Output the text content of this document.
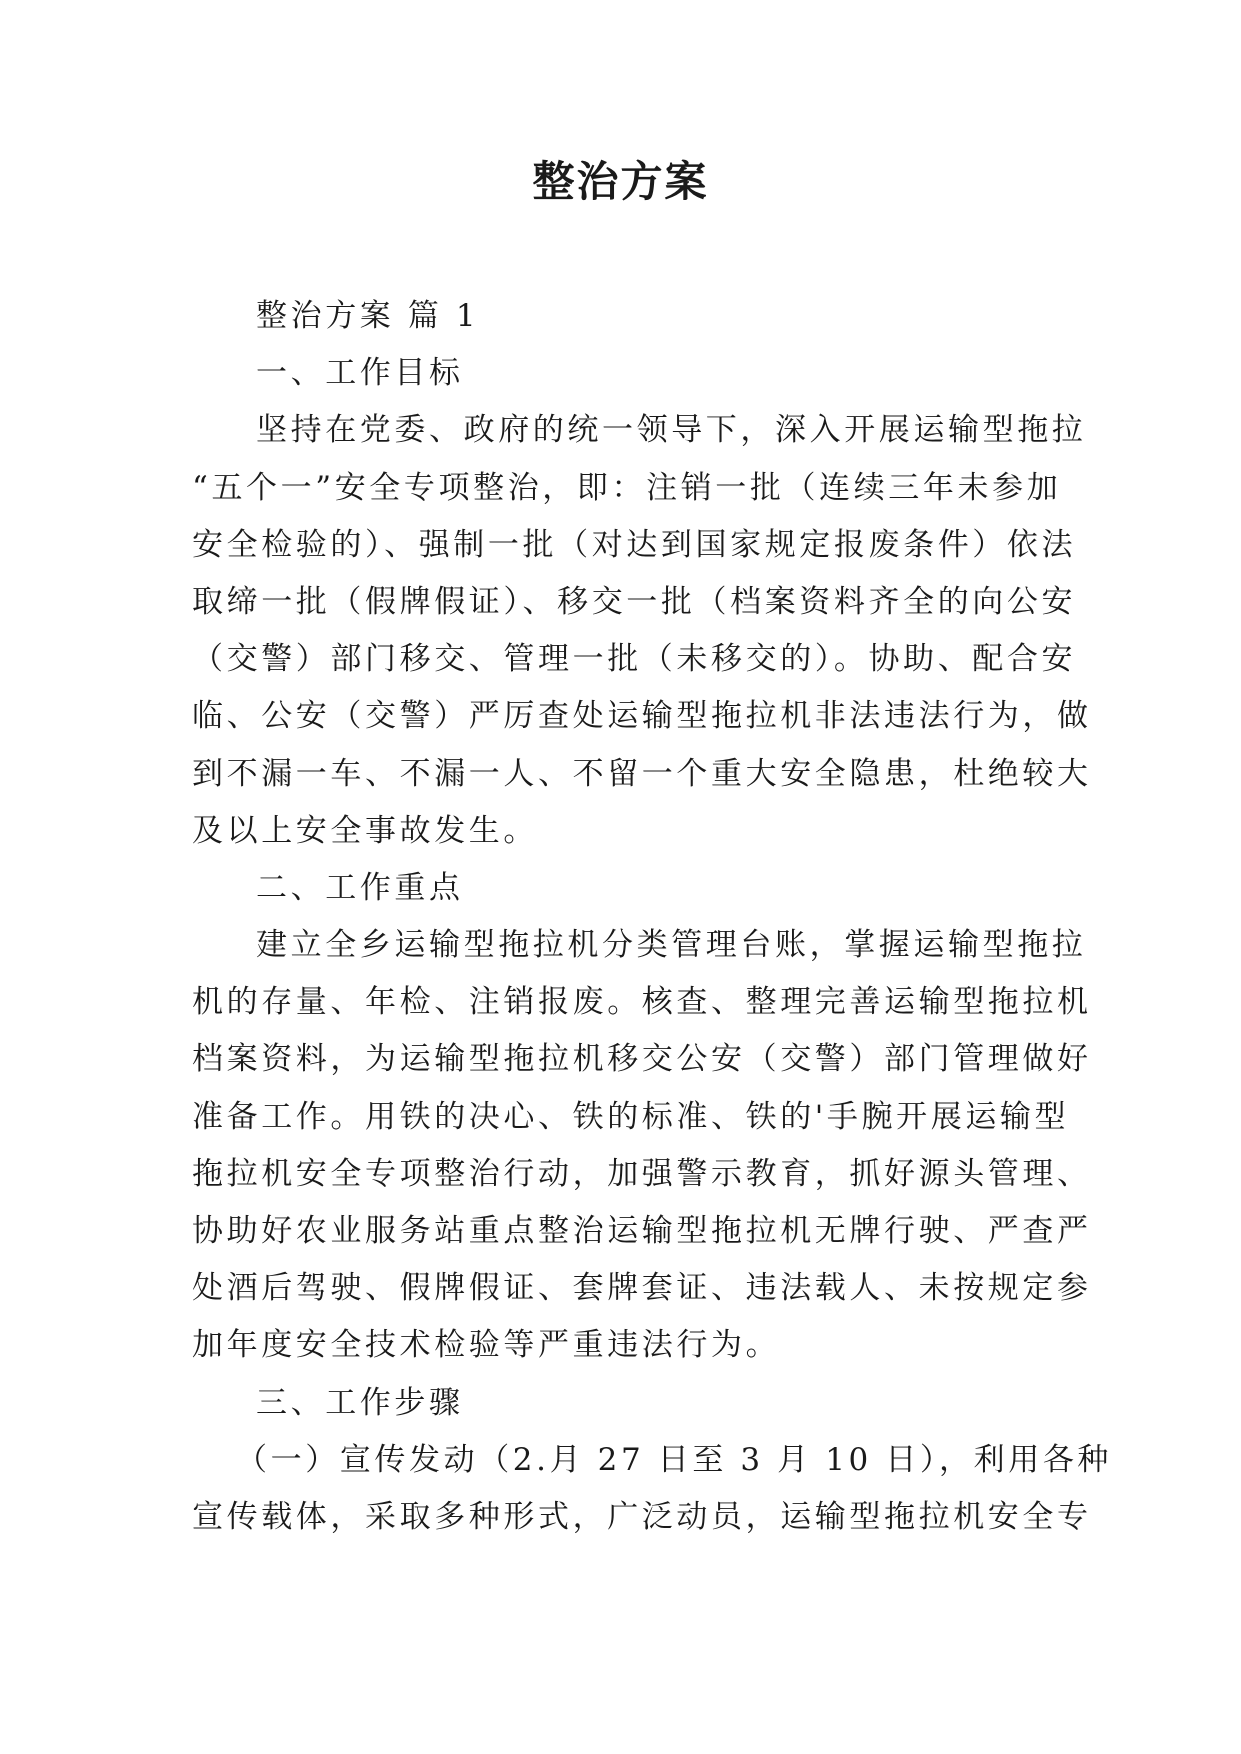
整治方案
整治方案 篇 1
一、工作目标
坚持在党委、政府的统一领导下，深入开展运输型拖拉
“五个一”安全专项整治，即：注销一批（连续三年未参加
安全检验的）、强制一批（对达到国家规定报废条件）依法
取缔一批（假牌假证）、移交一批（档案资料齐全的向公安
（交警）部门移交、管理一批（未移交的）。协助、配合安
临、公安（交警）严厉查处运输型拖拉机非法违法行为，做
到不漏一车、不漏一人、不留一个重大安全隐患，杜绝较大
及以上安全事故发生。
二、工作重点
建立全乡运输型拖拉机分类管理台账，掌握运输型拖拉
机的存量、年检、注销报废。核查、整理完善运输型拖拉机
档案资料，为运输型拖拉机移交公安（交警）部门管理做好
准备工作。用铁的决心、铁的标准、铁的'手腕开展运输型
拖拉机安全专项整治行动，加强警示教育，抓好源头管理、
协助好农业服务站重点整治运输型拖拉机无牌行驶、严查严
处酒后驾驶、假牌假证、套牌套证、违法载人、未按规定参
加年度安全技术检验等严重违法行为。
三、工作步骤
（一）宣传发动（2.月 27 日至 3 月 10 日），利用各种
宣传载体，采取多种形式，广泛动员，运输型拖拉机安全专
